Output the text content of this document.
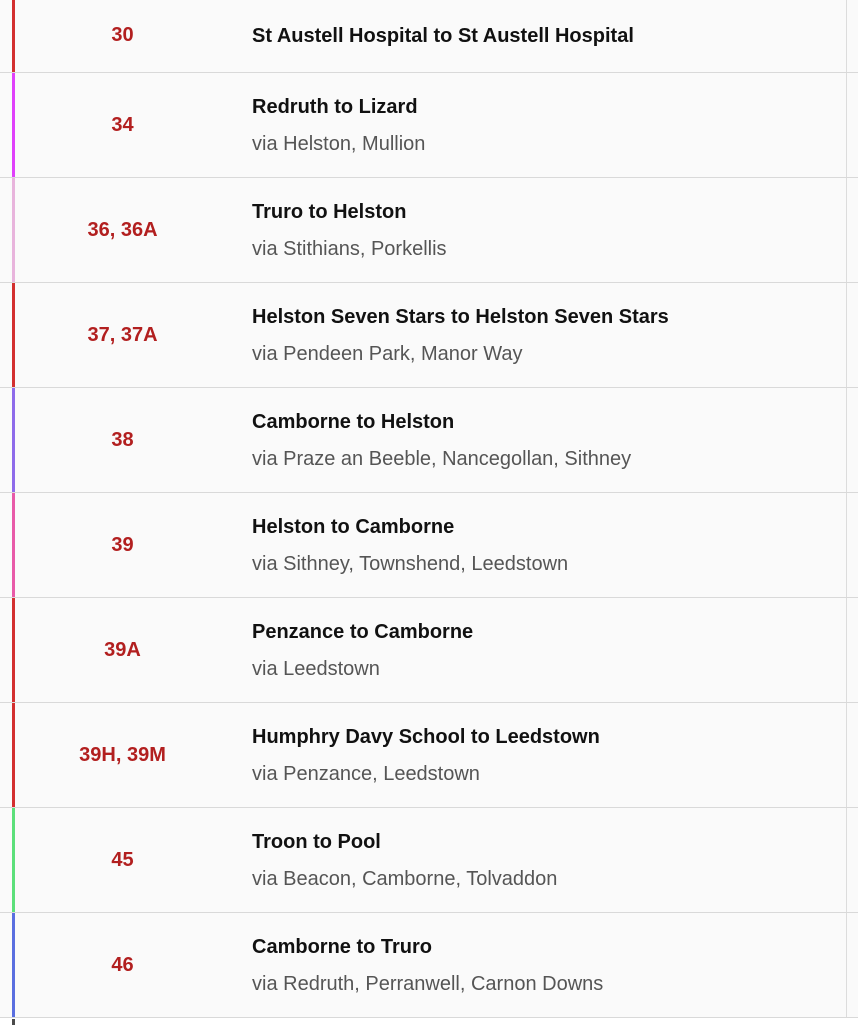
30	St Austell Hospital to St Austell Hospital
34
Redruth to Lizard
via Helston, Mullion
36, 36A
Truro to Helston
via Stithians, Porkellis
37, 37A
Helston Seven Stars to Helston Seven Stars
via Pendeen Park, Manor Way
38
Camborne to Helston
via Praze an Beeble, Nancegollan, Sithney
39
Helston to Camborne
via Sithney, Townshend, Leedstown
39A
Penzance to Camborne
via Leedstown
39H, 39M
Humphry Davy School to Leedstown
via Penzance, Leedstown
45
Troon to Pool
via Beacon, Camborne, Tolvaddon
46
Camborne to Truro
via Redruth, Perranwell, Carnon Downs
